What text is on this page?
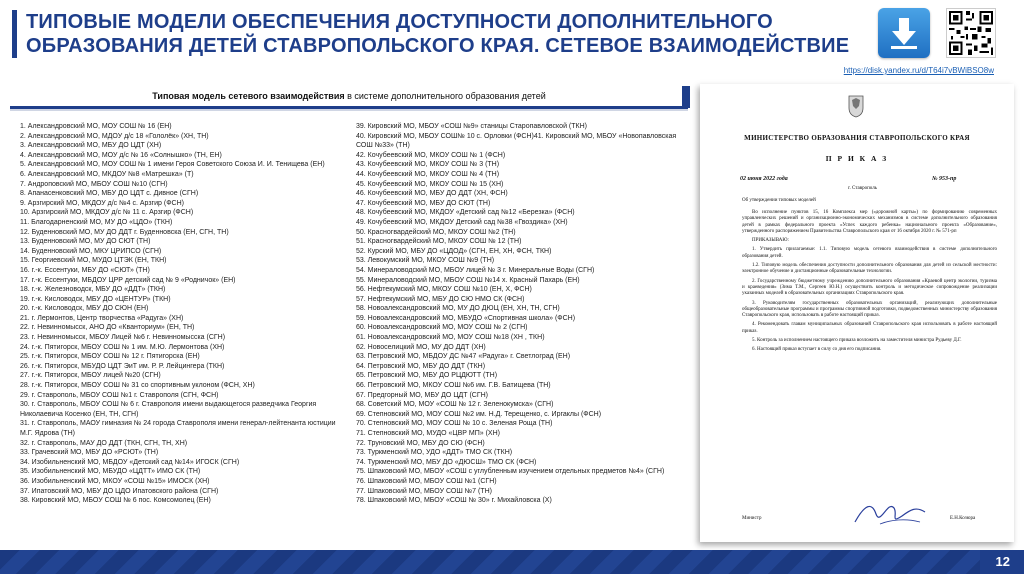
ТИПОВЫЕ МОДЕЛИ ОБЕСПЕЧЕНИЯ ДОСТУПНОСТИ ДОПОЛНИТЕЛЬНОГО ОБРАЗОВАНИЯ ДЕТЕЙ СТАВРОПОЛЬСКОГО КРАЯ. СЕТЕВОЕ ВЗАИМОДЕЙСТВИЕ
https://disk.yandex.ru/d/T64i7vBWiBSO8w
Типовая модель сетевого взаимодействия в системе дополнительного образования детей
1. Александровский МО, МОУ СОШ № 16 (ЕН)
2. Александровский МО, МДОУ д/с 18 «Гололёк» (ХН, ТН)
3. Александровский МО, МБУ ДО ЦДТ (ХН)
4. Александровский МО, МОУ д/с № 16 «Солнышко» (ТН, ЕН)
5. Александровский МО, МОУ СОШ № 1 имени Героя Советского Союза И. И. Тенищева (ЕН)
6. Александровский МО, МКДОУ №8 «Матрешка» (Т)
7. Андроповский МО, МБОУ СОШ №10 (СГН)
8. Апанасенковский МО, МБУ ДО ЦДТ с. Дивное (СГН)
9. Арзгирский МО, МКДОУ д/с №4 с. Арзгир (ФСН)
10. Арзгирский МО, МКДОУ д/с № 11 с. Арзгир (ФСН)
11. Благодарненский МО, МУ ДО «ЦДО» (ТКН)
12. Буденновский МО, МУ ДО ДДТ г. Буденновска (ЕН, СГН, ТН)
13. Буденновский МО, МУ ДО СЮТ (ТН)
14. Буденновский МО, МКУ ЦРИПСО (СГН)
15. Георгиевский МО, МУДО ЦТЭК (ЕН, ТКН)
16. г.-к. Ессентуки, МБУ ДО «СЮТ» (ТН)
17. г.-к. Ессентуки, МБДОУ ЦРР детский сад № 9 «Родничок» (ЕН)
18. г.-к. Железноводск, МБУ ДО «ДДТ» (ТКН)
19. г.-к. Кисловодск, МБУ ДО «ЦЕНТУР» (ТКН)
20. г.-к. Кисловодск, МБУ ДО СЮН (ЕН)
21. г. Лермонтов, Центр творчества «Радуга» (ХН)
22. г. Невинномысск, АНО ДО «Кванториум» (ЕН, ТН)
23. г. Невинномысск, МБОУ Лицей №6 г. Невинномысска (СГН)
24. г.-к. Пятигорск, МБОУ СОШ № 1 им. М.Ю. Лермонтова (ХН)
25. г.-к. Пятигорск, МБОУ СОШ № 12 г. Пятигорска (ЕН)
26. г.-к. Пятигорск, МБУДО ЦДТ ЭиТ им. Р. Р. Лейцингера (ТКН)
27. г.-к. Пятигорск, МБОУ лицей №20 (СГН)
28. г.-к. Пятигорск, МБОУ СОШ № 31 со спортивным уклоном (ФСН, ХН)
29. г. Ставрополь, МБОУ СОШ №1 г. Ставрополя (СГН, ФСН)
30. г. Ставрополь, МБОУ СОШ № 6 г. Ставрополя имени выдающегося разведчика Георгия Николаевича Косенко (ЕН, ТН, СГН)
31. г. Ставрополь, МАОУ гимназия № 24 города Ставрополя имени генерал-лейтенанта юстиции М.Г. Ядрова (ТН)
32. г. Ставрополь, МАУ ДО ДДТ (ТКН, СГН, ТН, ХН)
33. Грачевский МО, МБУ ДО «РСЮТ» (ТН)
34. Изобильненский МО, МБДОУ «Детский сад №14» ИГОСК (СГН)
35. Изобильненский МО, МБУДО «ЦДТТ» ИМО СК (ТН)
36. Изобильненский МО, МКОУ «СОШ №15» ИМОСК (ХН)
37. Ипатовский МО, МБУ ДО ЦДО Ипатовского района (СГН)
38. Кировский МО, МБОУ СОШ № 6 пос. Комсомолец (ЕН)
39. Кировский МО, МБОУ «СОШ №9» станицы Старопавловской (ТКН)
40. Кировский МО, МБОУ СОШ№ 10 с. Орловки (ФСН)41. Кировский МО, МБОУ «Новопавловская СОШ №33» (ТН)
42. Кочубеевский МО, МКОУ СОШ № 1 (ФСН)
43. Кочубеевский МО, МКОУ СОШ № 3 (ТН)
44. Кочубеевский МО, МКОУ СОШ № 4 (ТН)
45. Кочубеевский МО, МКОУ СОШ № 15 (ХН)
46. Кочубеевский МО, МБУ ДО ДДТ (ХН, ФСН)
47. Кочубеевский МО, МБУ ДО СЮТ (ТН)
48. Кочубеевский МО, МКДОУ «Детский сад №12 «Березка» (ФСН)
49. Кочубеевский МО, МКДОУ Детский сад №38 «Гвоздика» (ХН)
50. Красногвардейский МО, МКОУ СОШ №2 (ТН)
51. Красногвардейский МО, МКОУ СОШ № 12 (ТН)
52. Курский МО, МБУ ДО «ЦДОД» (СГН, ЕН, ХН, ФСН, ТКН)
53. Левокумский МО, МКОУ СОШ №9 (ТН)
54. Минераловодский МО, МБОУ лицей № 3 г. Минеральные Воды (СГН)
55. Минераловодский МО, МБОУ СОШ №14 х. Красный Пахарь (ЕН)
56. Нефтекумский МО, МКОУ СОШ №10 (ЕН, Х, ФСН)
57. Нефтекумский МО, МБУ ДО СЮ НМО СК (ФСН)
58. Новоалександровский МО, МУ ДО ДЮЦ (ЕН, ХН, ТН, СГН)
59. Новоалександровский МО, МБУДО «Спортивная школа» (ФСН)
60. Новоалександровский МО, МОУ СОШ № 2 (СГН)
61. Новоалександровский МО, МОУ СОШ №18 (ХН , ТКН)
62. Новоселицкий МО, МУ ДО ДДТ (ХН)
63. Петровский МО, МБДОУ ДС №47 «Радуга» г. Светлоград (ЕН)
64. Петровский МО, МБУ ДО ДДТ (ТКН)
65. Петровский МО, МБУ ДО РЦДЮТТ (ТН)
66. Петровский МО, МКОУ СОШ №6 им. Г.В. Батищева (ТН)
67. Предгорный МО, МБУ ДО ЦДТ (СГН)
68. Советский МО, МОУ «СОШ № 12 г. Зеленокумска» (СГН)
69. Степновский МО, МОУ СОШ №2 им. Н.Д. Терещенко, с. Иргаклы (ФСН)
70. Степновский МО, МОУ СОШ № 10 с. Зеленая Роща (ТН)
71. Степновский МО, МУДО «ЦВР МП» (ХН)
72. Труновский МО, МБУ ДО СЮ (ФСН)
73. Туркменский МО, УДО «ДДТ» ТМО СК (ТКН)
74. Туркменский МО, МБУ ДО «ДЮСШ» ТМО СК (ФСН)
75. Шпаковский МО, МБОУ «СОШ с углубленным изучением отдельных предметов №4» (СГН)
76. Шпаковский МО, МБОУ СОШ №1 (СГН)
77. Шпаковский МО, МБОУ СОШ №7 (ТН)
78. Шпаковский МО, МБОУ «СОШ № 30» г. Михайловска (Х)
МИНИСТЕРСТВО ОБРАЗОВАНИЯ СТАВРОПОЛЬСКОГО КРАЯ
П Р И К А З
02 июня 2022 года
г. Ставрополь
№ 953-пр
Об утверждении типовых моделей

Во исполнение пунктов 15, 16 Комплекса мер («дорожной карты») по формированию современных управленческих решений и организационно-экономических механизмов в системе дополнительного образования детей в рамках федерального проекта «Успех каждого ребенка» национального проекта «Образование», утвержденного распоряжением Правительства Ставропольского края от 16 октября 2020 г. № 571-рп

ПРИКАЗЫВАЮ:

1. Утвердить прилагаемые: 1.1. Типовую модель сетевого взаимодействия в системе дополнительного образования детей.

1.2. Типовую модель обеспечения доступности дополнительного образования для детей из сельской местности: электронное обучение и дистанционные образовательные технологии.

2. Государственному бюджетному учреждению дополнительного образования «Краевой центр экологии, туризма и краеведения» (Зима Т.М., Сергеев Ю.Н.) осуществить контроль и методическое сопровождение реализации указанных моделей в образовательных организациях Ставропольского края.

3. Руководителям государственных образовательных организаций, реализующих дополнительные общеобразовательные программы и программы спортивной подготовки, подведомственных министерству образования Ставропольского края, использовать в работе настоящий приказ.

4. Рекомендовать главам муниципальных образований Ставропольского края использовать в работе настоящий приказ.

5. Контроль за исполнением настоящего приказа возложить на заместителя министра Рудьеву Д.Г.

6. Настоящий приказ вступает в силу со дня его подписания.

Министр	Е.Н.Козюра
12
